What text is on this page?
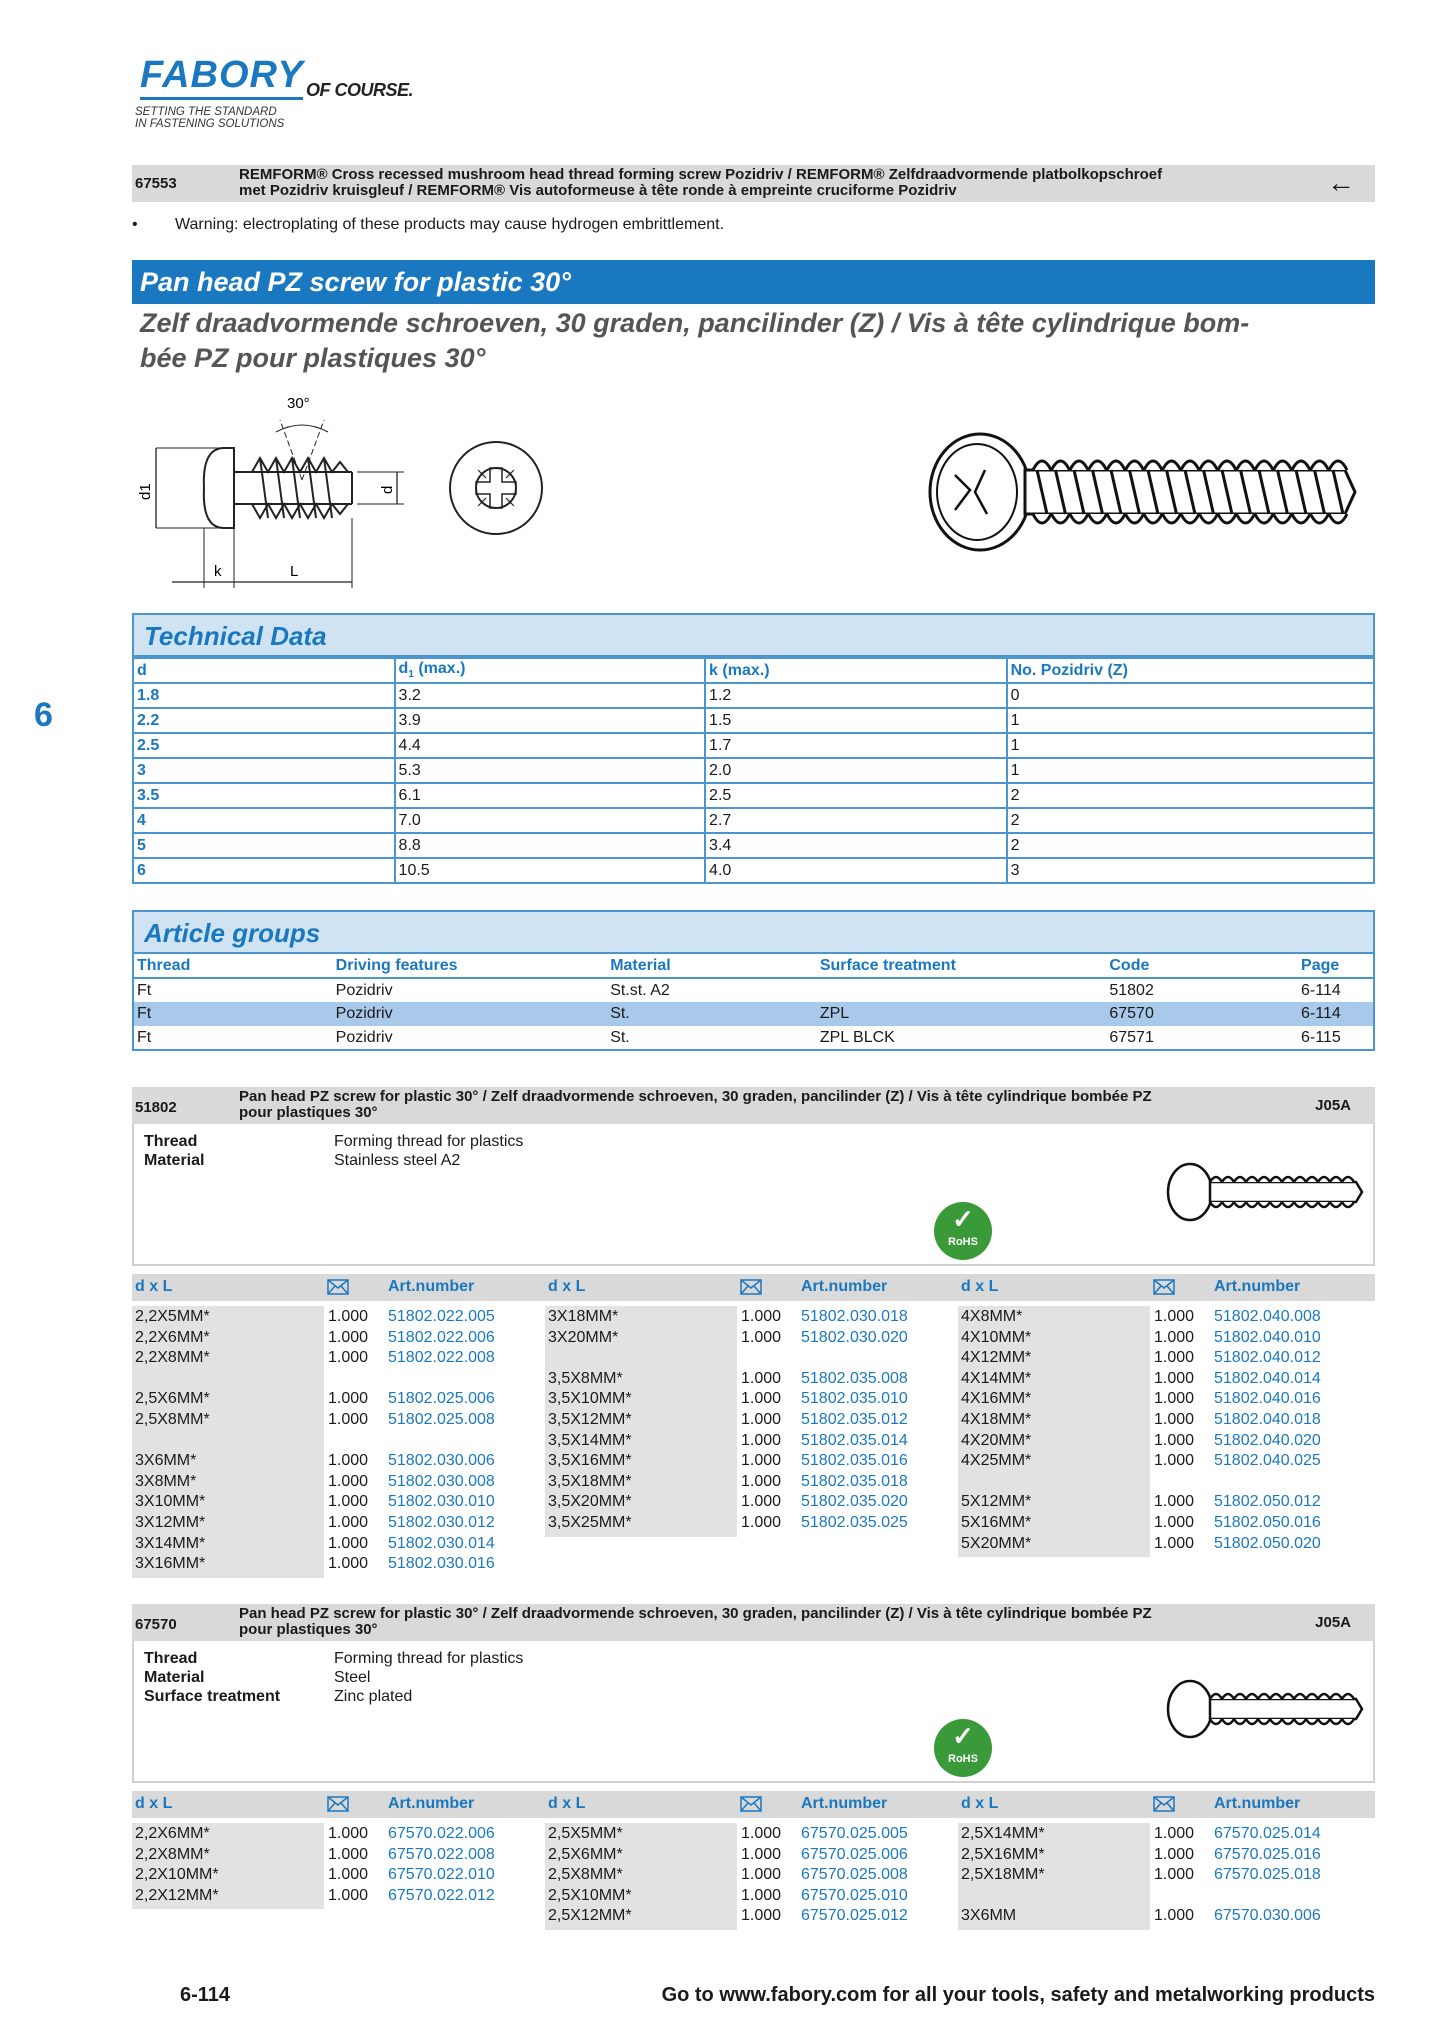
FABORY OF COURSE.
SETTING THE STANDARD
IN FASTENING SOLUTIONS
6
67553
REMFORM® Cross recessed mushroom head thread forming screw Pozidriv / REMFORM® Zelfdraadvormende platbolkopschroef
met Pozidriv kruisgleuf / REMFORM® Vis autoformeuse à tête ronde à empreinte cruciforme Pozidriv	←
• Warning: electroplating of these products may cause hydrogen embrittlement.
Pan head PZ screw for plastic 30°
Zelf draadvormende schroeven, 30 graden, pancilinder (Z) / Vis à tête cylindrique bom-
bée PZ pour plastiques 30°
30°
d1	d
k	L
Technical Data
d	$d_1$ (max.)	k (max.)	No. Pozidriv (Z)
1.8	3.2	1.2	0
2.2	3.9	1.5	1
2.5	4.4	1.7	1
3	5.3	2.0	1
3.5	6.1	2.5	2
4	7.0	2.7	2
5	8.8	3.4	2
6	10.5	4.0	3
Article groups
Thread	Driving features	Material	Surface treatment	Code	Page
Ft	Pozidriv	St.st. A2		51802	6-114
Ft	Pozidriv	St.	ZPL	67570	6-114
Ft	Pozidriv	St.	ZPL BLCK	67571	6-115
51802
Pan head PZ screw for plastic 30° / Zelf draadvormende schroeven, 30 graden, pancilinder (Z) / Vis à tête cylindrique bombée PZ
pour plastiques 30°	J05A
Thread	Forming thread for plastics
Material	Stainless steel A2
✓
RoHS
d x L	Art.number	d x L	Art.number	d x L	Art.number
2,2X5MM*	1.000 51802.022.005
2,2X6MM*	1.000 51802.022.006
2,2X8MM*	1.000 51802.022.008
2,5X6MM*	1.000 51802.025.006
2,5X8MM*	1.000 51802.025.008
3X6MM*	1.000 51802.030.006
3X8MM*	1.000 51802.030.008
3X10MM*	1.000 51802.030.010
3X12MM*	1.000 51802.030.012
3X14MM*	1.000 51802.030.014
3X16MM*	1.000 51802.030.016
3X18MM*	1.000 51802.030.018
3X20MM*	1.000 51802.030.020
3,5X8MM*	1.000 51802.035.008
3,5X10MM*	1.000 51802.035.010
3,5X12MM*	1.000 51802.035.012
3,5X14MM*	1.000 51802.035.014
3,5X16MM*	1.000 51802.035.016
3,5X18MM*	1.000 51802.035.018
3,5X20MM*	1.000 51802.035.020
3,5X25MM*	1.000 51802.035.025
4X8MM*	1.000 51802.040.008
4X10MM*	1.000 51802.040.010
4X12MM*	1.000 51802.040.012
4X14MM*	1.000 51802.040.014
4X16MM*	1.000 51802.040.016
4X18MM*	1.000 51802.040.018
4X20MM*	1.000 51802.040.020
4X25MM*	1.000 51802.040.025
5X12MM*	1.000 51802.050.012
5X16MM*	1.000 51802.050.016
5X20MM*	1.000 51802.050.020
67570
Pan head PZ screw for plastic 30° / Zelf draadvormende schroeven, 30 graden, pancilinder (Z) / Vis à tête cylindrique bombée PZ
pour plastiques 30°	J05A
Thread	Forming thread for plastics
Material	Steel
Surface treatment	Zinc plated
✓
RoHS
d x L	Art.number	d x L	Art.number	d x L	Art.number
2,2X6MM*	1.000 67570.022.006
2,2X8MM*	1.000 67570.022.008
2,2X10MM*	1.000 67570.022.010
2,2X12MM*	1.000 67570.022.012
2,5X5MM*	1.000 67570.025.005
2,5X6MM*	1.000 67570.025.006
2,5X8MM*	1.000 67570.025.008
2,5X10MM*	1.000 67570.025.010
2,5X12MM*	1.000 67570.025.012
2,5X14MM*	1.000 67570.025.014
2,5X16MM*	1.000 67570.025.016
2,5X18MM*	1.000 67570.025.018
3X6MM	1.000 67570.030.006
6-114	Go to www.fabory.com for all your tools, safety and metalworking products
